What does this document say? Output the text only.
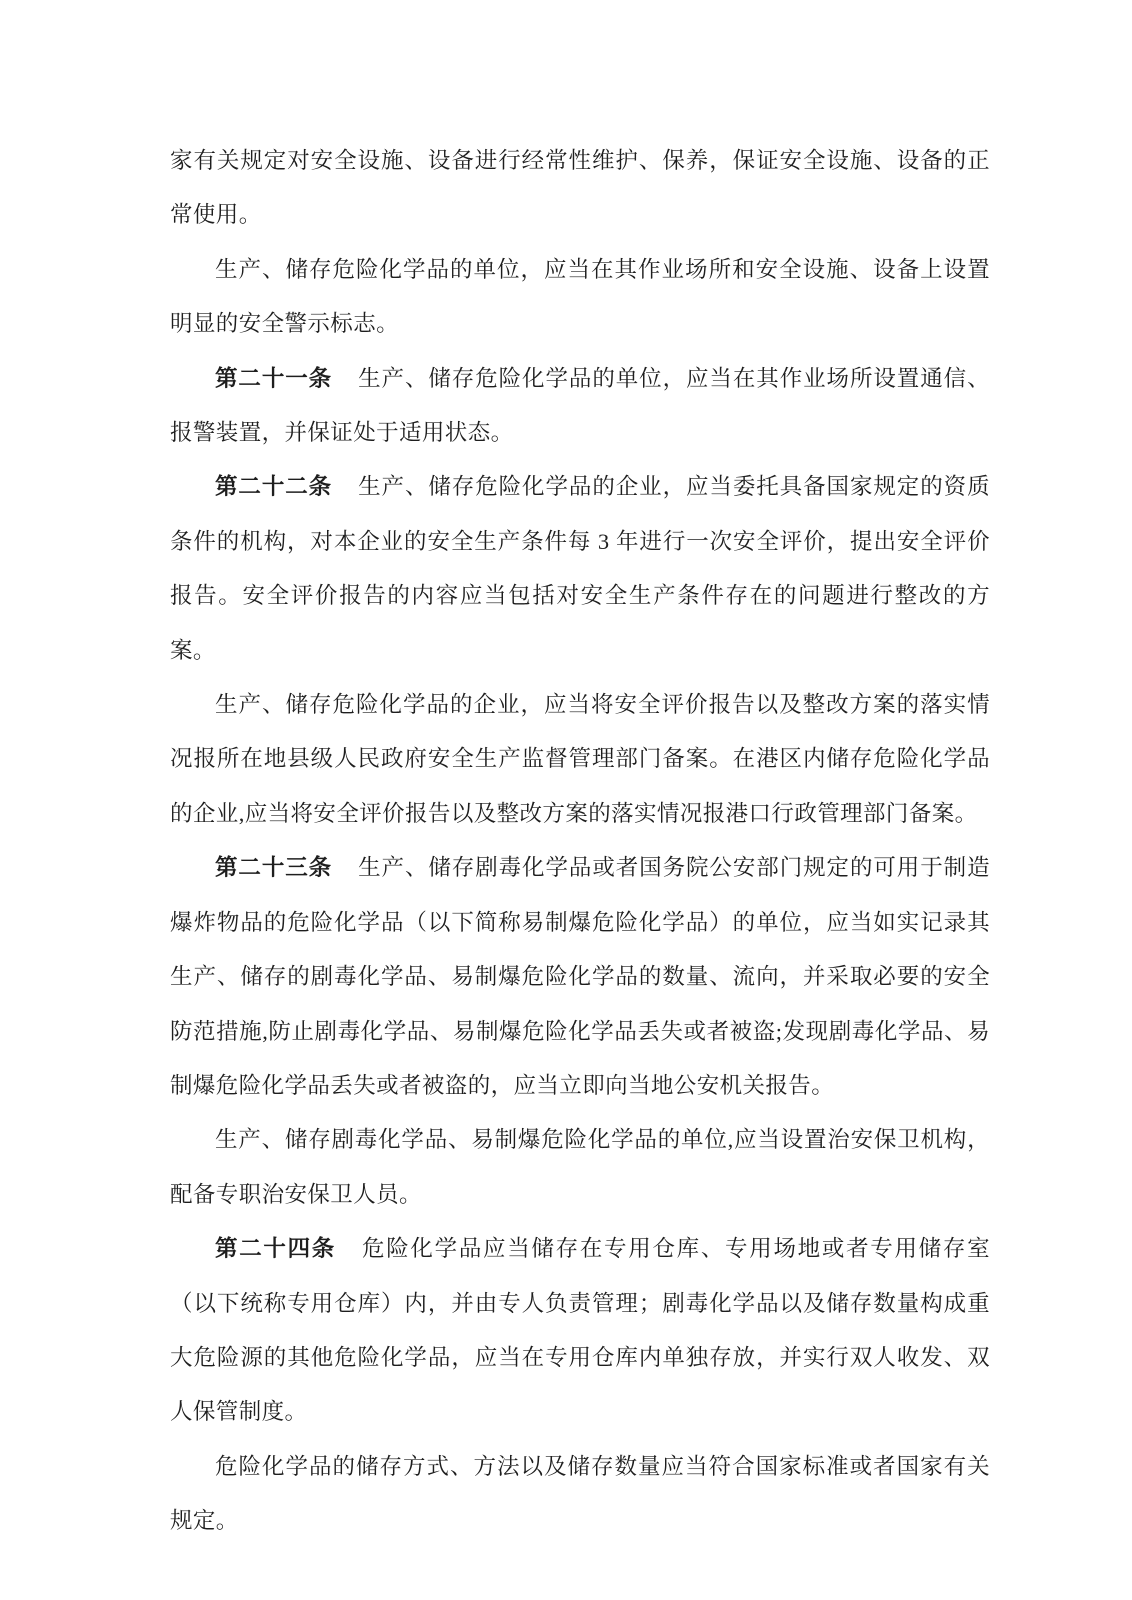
家有关规定对安全设施、设备进行经常性维护、保养，保证安全设施、设备的正常使用。

生产、储存危险化学品的单位，应当在其作业场所和安全设施、设备上设置明显的安全警示标志。

第二十一条 生产、储存危险化学品的单位，应当在其作业场所设置通信、报警装置，并保证处于适用状态。

第二十二条 生产、储存危险化学品的企业，应当委托具备国家规定的资质条件的机构，对本企业的安全生产条件每 3 年进行一次安全评价，提出安全评价报告。安全评价报告的内容应当包括对安全生产条件存在的问题进行整改的方案。

生产、储存危险化学品的企业，应当将安全评价报告以及整改方案的落实情况报所在地县级人民政府安全生产监督管理部门备案。在港区内储存危险化学品的企业,应当将安全评价报告以及整改方案的落实情况报港口行政管理部门备案。

第二十三条 生产、储存剧毒化学品或者国务院公安部门规定的可用于制造爆炸物品的危险化学品（以下简称易制爆危险化学品）的单位，应当如实记录其生产、储存的剧毒化学品、易制爆危险化学品的数量、流向，并采取必要的安全防范措施,防止剧毒化学品、易制爆危险化学品丢失或者被盗;发现剧毒化学品、易制爆危险化学品丢失或者被盗的，应当立即向当地公安机关报告。

生产、储存剧毒化学品、易制爆危险化学品的单位,应当设置治安保卫机构，配备专职治安保卫人员。

第二十四条 危险化学品应当储存在专用仓库、专用场地或者专用储存室（以下统称专用仓库）内，并由专人负责管理；剧毒化学品以及储存数量构成重大危险源的其他危险化学品，应当在专用仓库内单独存放，并实行双人收发、双人保管制度。

危险化学品的储存方式、方法以及储存数量应当符合国家标准或者国家有关规定。
